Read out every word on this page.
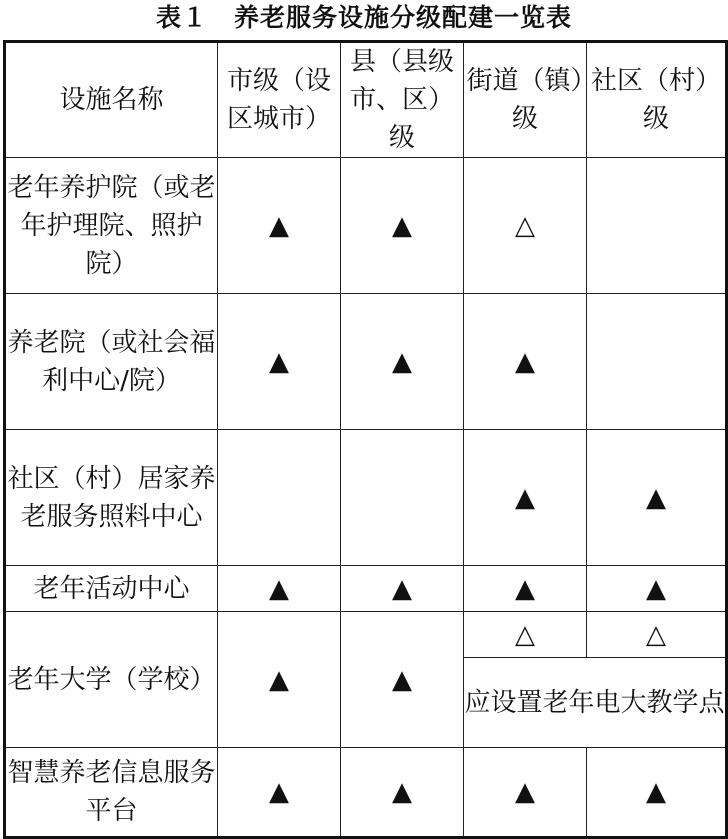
表１　养老服务设施分级配建一览表
设施名称	市级（设区城市）	县（县级市、区）级	街道（镇）级	社区（村）级
老年养护院（或老年护理院、照护院）	▲	▲	△	
养老院（或社会福利中心/院）	▲	▲	▲	
社区（村）居家养老服务照料中心			▲	▲
老年活动中心	▲	▲	▲	▲
老年大学（学校）	▲	▲	△	△
			应设置老年电大教学点	
智慧养老信息服务平台	▲	▲	▲	▲
